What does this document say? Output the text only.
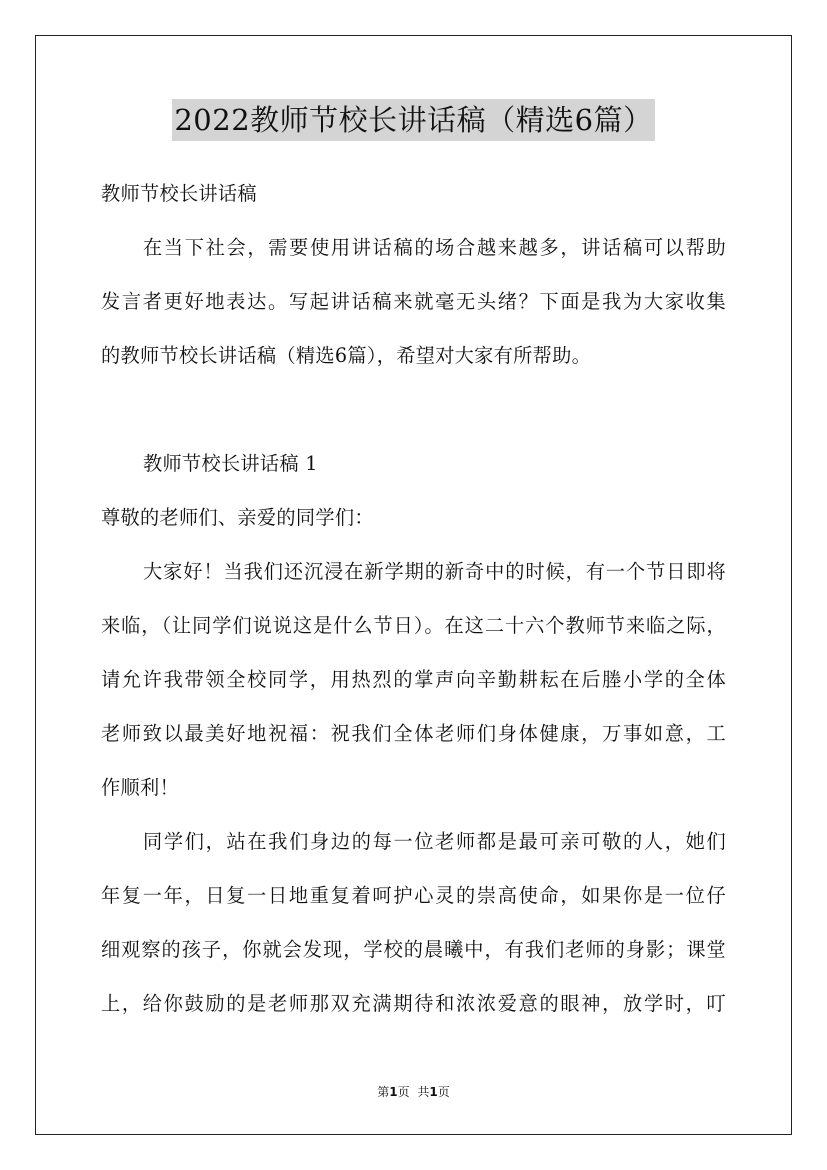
2022教师节校长讲话稿（精选6篇）
教师节校长讲话稿
在当下社会，需要使用讲话稿的场合越来越多，讲话稿可以帮助
发言者更好地表达。写起讲话稿来就毫无头绪？下面是我为大家收集
的教师节校长讲话稿（精选6篇），希望对大家有所帮助。
教师节校长讲话稿 1
尊敬的老师们、亲爱的同学们：
大家好！当我们还沉浸在新学期的新奇中的时候，有一个节日即将
来临，（让同学们说说这是什么节日）。在这二十六个教师节来临之际，
请允许我带领全校同学，用热烈的掌声向辛勤耕耘在后塍小学的全体
老师致以最美好地祝福：祝我们全体老师们身体健康，万事如意，工
作顺利！
同学们，站在我们身边的每一位老师都是最可亲可敬的人，她们
年复一年，日复一日地重复着呵护心灵的崇高使命，如果你是一位仔
细观察的孩子，你就会发现，学校的晨曦中，有我们老师的身影；课堂
上，给你鼓励的是老师那双充满期待和浓浓爱意的眼神，放学时，叮
第1页 共1页
